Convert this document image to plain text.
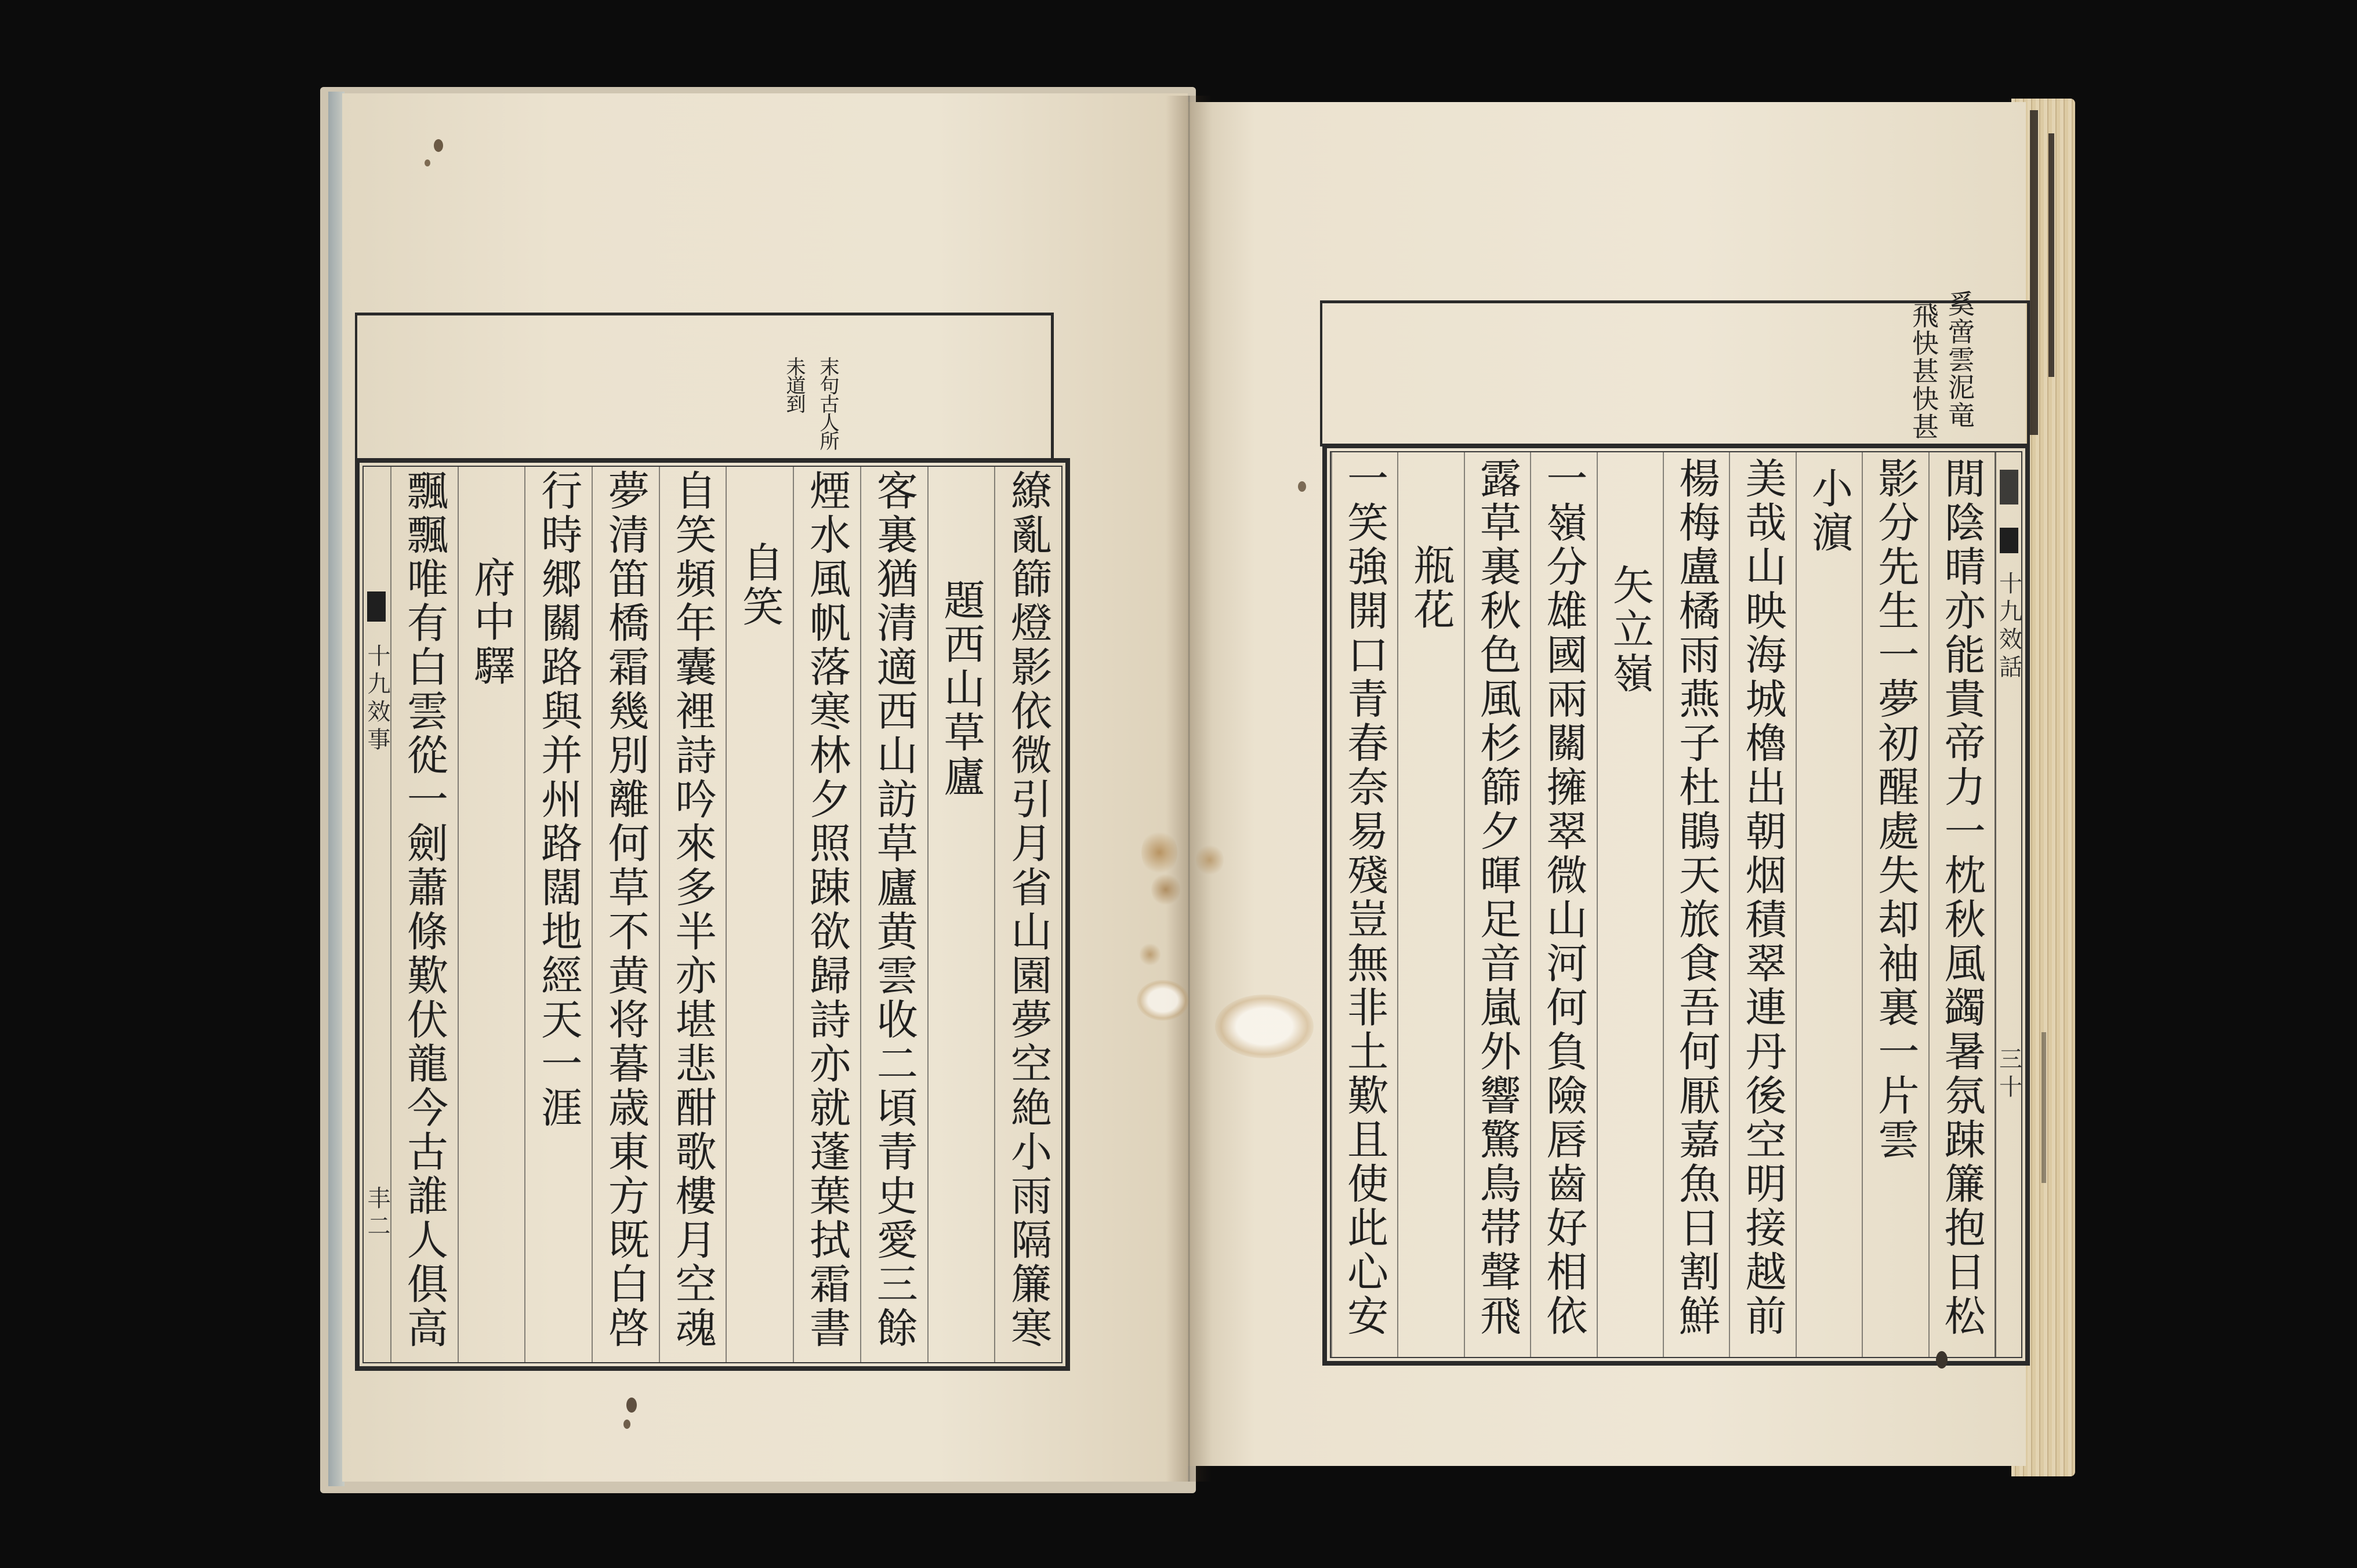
末句古人所
未道到
繚亂篩燈影依微引月省山園夢空絶小雨隔簾寒
題西山草廬
客裏猶清適西山訪草廬黄雲收二頃青史愛三餘
煙水風帆落寒林夕照踈欲歸詩亦就蓬葉拭霜書
自笑
自笑頻年囊裡詩吟來多半亦堪悲酣歌樓月空魂
夢清笛橋霜幾別離何草不黄将暮歳東方既白啓
行時郷關路與并州路闊地經天一涯
府中驛
飄飄唯有白雲從一劍蕭條歎伏龍今古誰人俱高
十九效事
丰二
奚啻雲泥竜
飛快甚快甚
十九效話
三十
閒陰晴亦能貴帝力一枕秋風蠲暑氛踈簾抱日松
影分先生一夢初醒處失却袖裏一片雲
小濵
美哉山映海城櫓出朝烟積翠連丹後空明接越前
楊梅盧橘雨燕子杜鵑天旅食吾何厭嘉魚日割鮮
矢立嶺
一嶺分雄國兩關擁翠微山河何負險唇齒好相依
露草裏秋色風杉篩夕暉足音嵐外響驚鳥帯聲飛
瓶花
一笑強開口青春奈易殘豈無非土歎且使此心安
